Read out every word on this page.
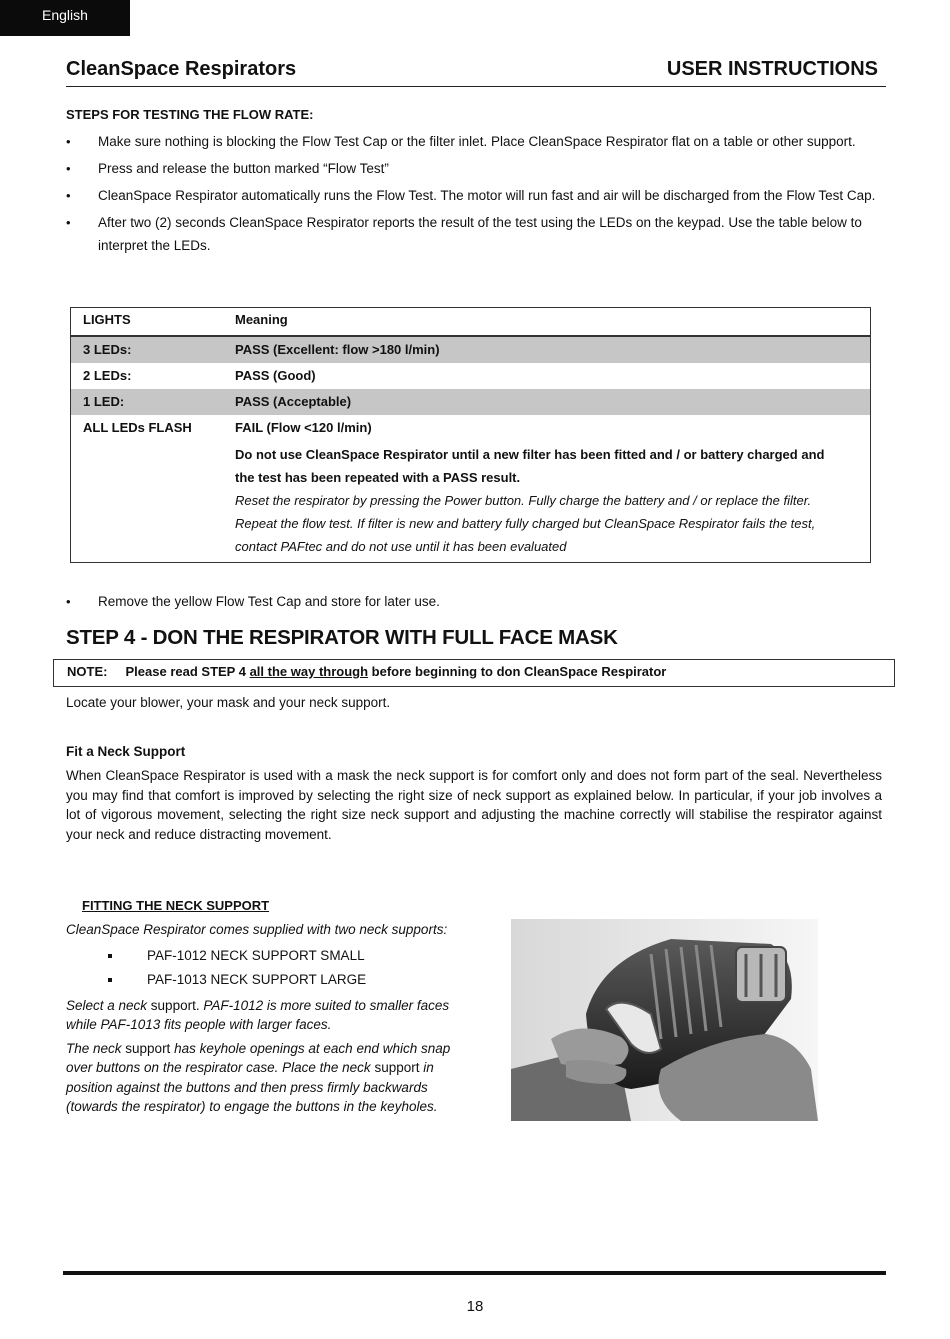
English
CleanSpace Respirators	USER INSTRUCTIONS
STEPS FOR TESTING THE FLOW RATE:
• Make sure nothing is blocking the Flow Test Cap or the filter inlet. Place CleanSpace Respirator flat on a table or other support.
• Press and release the button marked “Flow Test”
• CleanSpace Respirator automatically runs the Flow Test. The motor will run fast and air will be discharged from the Flow Test Cap.
• After two (2) seconds CleanSpace Respirator reports the result of the test using the LEDs on the keypad. Use the table below to interpret the LEDs.
LIGHTS	Meaning
3 LEDs:	PASS (Excellent: flow >180 l/min)
2 LEDs:	PASS (Good)
1 LED:	PASS (Acceptable)
ALL LEDs FLASH	FAIL (Flow <120 l/min)

	Do not use CleanSpace Respirator until a new filter has been fitted and / or battery charged and the test has been repeated with a PASS result.
Reset the respirator by pressing the Power button. Fully charge the battery and / or replace the filter. Repeat the flow test. If filter is new and battery fully charged but CleanSpace Respirator fails the test, contact PAFtec and do not use until it has been evaluated
• Remove the yellow Flow Test Cap and store for later use.
STEP 4 - DON THE RESPIRATOR WITH FULL FACE MASK
NOTE: Please read STEP 4 all the way through before beginning to don CleanSpace Respirator
Locate your blower, your mask and your neck support.
Fit a Neck Support
When CleanSpace Respirator is used with a mask the neck support is for comfort only and does not form part of the seal. Nevertheless you may find that comfort is improved by selecting the right size of neck support as explained below. In particular, if your job involves a lot of vigorous movement, selecting the right size neck support and adjusting the machine correctly will stabilise the respirator against your neck and reduce distracting movement.
FITTING THE NECK SUPPORT

CleanSpace Respirator comes supplied with two neck supports:

PAF-1012 NECK SUPPORT SMALL
PAF-1013 NECK SUPPORT LARGE

Select a neck support. PAF-1012 is more suited to smaller faces while PAF-1013 fits people with larger faces.

The neck support has keyhole openings at each end which snap over buttons on the respirator case. Place the neck support in position against the buttons and then press firmly backwards (towards the respirator) to engage the buttons in the keyholes.

18
